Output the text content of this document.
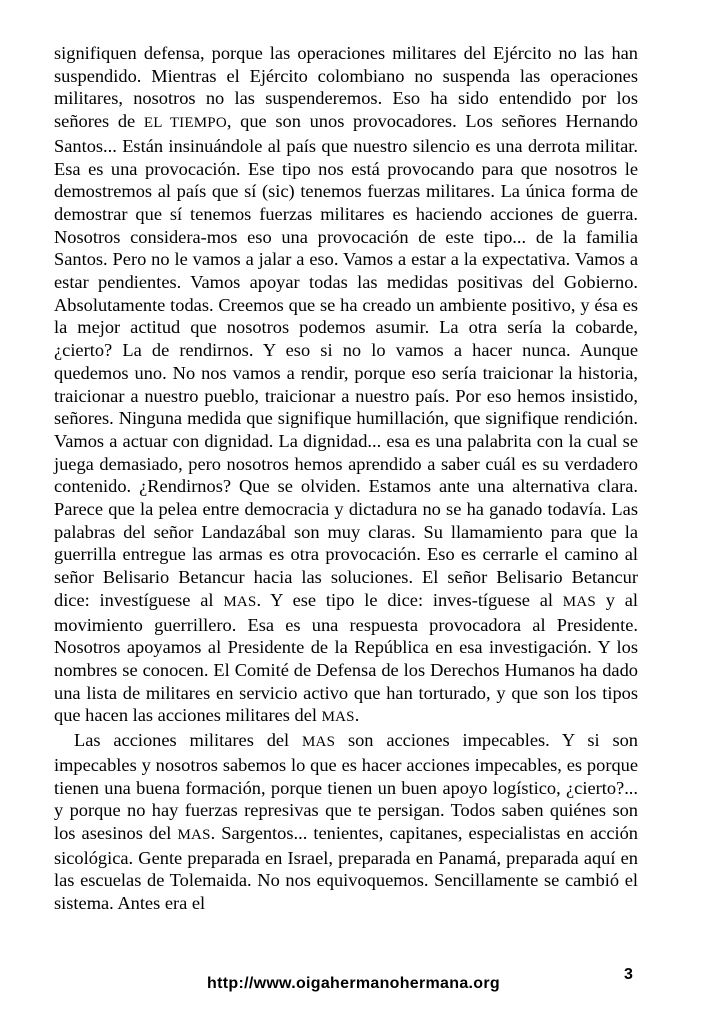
signifiquen defensa, porque las operaciones militares del Ejército no las han suspendido. Mientras el Ejército colombiano no suspenda las operaciones militares, nosotros no las suspenderemos. Eso ha sido entendido por los señores de EL TIEMPO, que son unos provocadores. Los señores Hernando Santos... Están insinuándole al país que nuestro silencio es una derrota militar. Esa es una provocación. Ese tipo nos está provocando para que nosotros le demostremos al país que sí (sic) tenemos fuerzas militares. La única forma de demostrar que sí tenemos fuerzas militares es haciendo acciones de guerra. Nosotros considera-mos eso una provocación de este tipo... de la familia Santos. Pero no le vamos a jalar a eso. Vamos a estar a la expectativa. Vamos a estar pendientes. Vamos apoyar todas las medidas positivas del Gobierno. Absolutamente todas. Creemos que se ha creado un ambiente positivo, y ésa es la mejor actitud que nosotros podemos asumir. La otra sería la cobarde, ¿cierto? La de rendirnos. Y eso si no lo vamos a hacer nunca. Aunque quedemos uno. No nos vamos a rendir, porque eso sería traicionar la historia, traicionar a nuestro pueblo, traicionar a nuestro país. Por eso hemos insistido, señores. Ninguna medida que signifique humillación, que signifique rendición. Vamos a actuar con dignidad. La dignidad... esa es una palabrita con la cual se juega demasiado, pero nosotros hemos aprendido a saber cuál es su verdadero contenido. ¿Rendirnos? Que se olviden. Estamos ante una alternativa clara. Parece que la pelea entre democracia y dictadura no se ha ganado todavía. Las palabras del señor Landazábal son muy claras. Su llamamiento para que la guerrilla entregue las armas es otra provocación. Eso es cerrarle el camino al señor Belisario Betancur hacia las soluciones. El señor Belisario Betancur dice: investíguese al MAS. Y ese tipo le dice: inves-tíguese al MAS y al movimiento guerrillero. Esa es una respuesta provocadora al Presidente. Nosotros apoyamos al Presidente de la República en esa investigación. Y los nombres se conocen. El Comité de Defensa de los Derechos Humanos ha dado una lista de militares en servicio activo que han torturado, y que son los tipos que hacen las acciones militares del MAS.

Las acciones militares del MAS son acciones impecables. Y si son impecables y nosotros sabemos lo que es hacer acciones impecables, es porque tienen una buena formación, porque tienen un buen apoyo logístico, ¿cierto?... y porque no hay fuerzas represivas que te persigan. Todos saben quiénes son los asesinos del MAS. Sargentos... tenientes, capitanes, especialistas en acción sicológica. Gente preparada en Israel, preparada en Panamá, preparada aquí en las escuelas de Tolemaida. No nos equivoquemos. Sencillamente se cambió el sistema. Antes era el

3
http://www.oigahermanohermana.org
